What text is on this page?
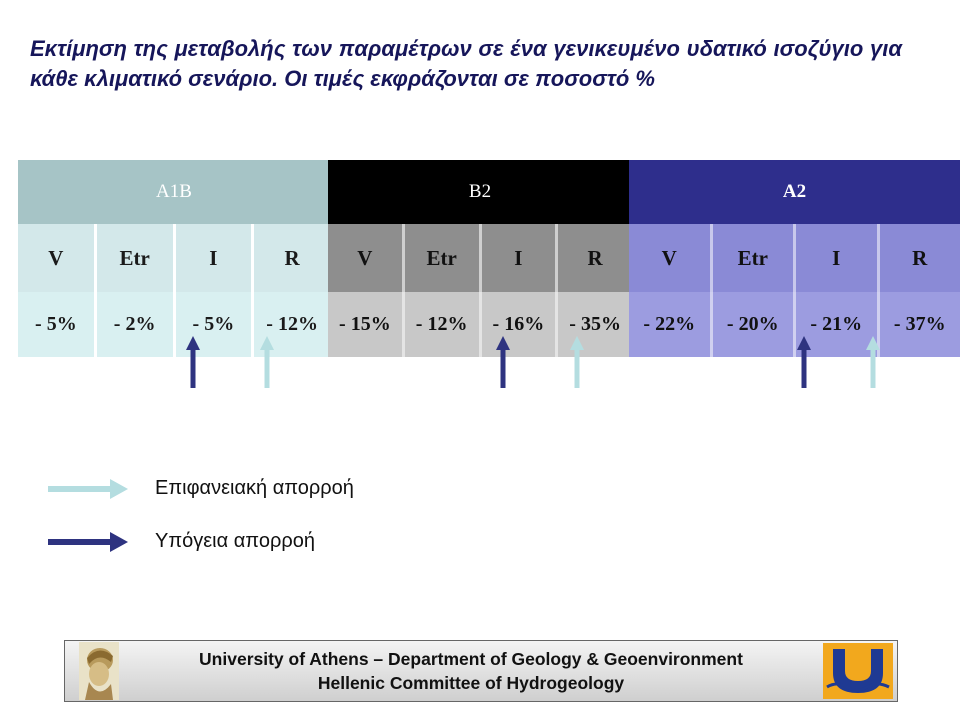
Εκτίμηση της μεταβολής των παραμέτρων σε ένα γενικευμένο υδατικό ισοζύγιο για κάθε κλιματικό σενάριο. Οι τιμές εκφράζονται σε ποσοστό %
A1B
V	Etr	I	R
- 5%	- 2%	- 5%	- 12%
B2
V	Etr	I	R
- 15%	- 12%	- 16%	- 35%
A2
V	Etr	I	R
- 22%	- 20%	- 21%	- 37%
Επιφανειακή απορροή
Υπόγεια απορροή
University of Athens – Department of Geology & Geoenvironment
Hellenic Committee of Hydrogeology
